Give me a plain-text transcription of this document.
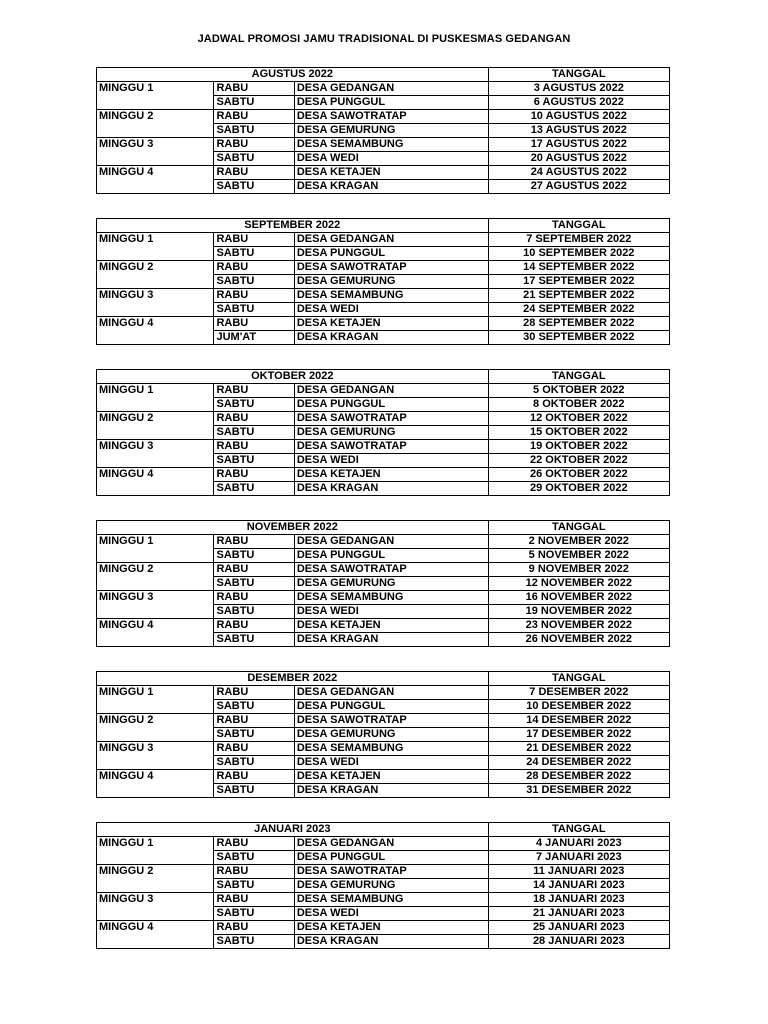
JADWAL PROMOSI JAMU TRADISIONAL DI PUSKESMAS GEDANGAN
AGUSTUS 2022			TANGGAL
MINGGU 1	RABU	DESA GEDANGAN	3 AGUSTUS 2022
	SABTU	DESA PUNGGUL	6 AGUSTUS 2022
MINGGU 2	RABU	DESA SAWOTRATAP	10 AGUSTUS 2022
	SABTU	DESA GEMURUNG	13 AGUSTUS 2022
MINGGU 3	RABU	DESA SEMAMBUNG	17 AGUSTUS 2022
	SABTU	DESA WEDI	20 AGUSTUS 2022
MINGGU 4	RABU	DESA KETAJEN	24 AGUSTUS 2022
	SABTU	DESA KRAGAN	27 AGUSTUS 2022
SEPTEMBER 2022			TANGGAL
MINGGU 1	RABU	DESA GEDANGAN	7 SEPTEMBER 2022
	SABTU	DESA PUNGGUL	10 SEPTEMBER 2022
MINGGU 2	RABU	DESA SAWOTRATAP	14 SEPTEMBER 2022
	SABTU	DESA GEMURUNG	17 SEPTEMBER 2022
MINGGU 3	RABU	DESA SEMAMBUNG	21 SEPTEMBER 2022
	SABTU	DESA WEDI	24 SEPTEMBER 2022
MINGGU 4	RABU	DESA KETAJEN	28 SEPTEMBER 2022
	JUM'AT	DESA KRAGAN	30 SEPTEMBER 2022
OKTOBER 2022			TANGGAL
MINGGU 1	RABU	DESA GEDANGAN	5 OKTOBER 2022
	SABTU	DESA PUNGGUL	8 OKTOBER 2022
MINGGU 2	RABU	DESA SAWOTRATAP	12 OKTOBER 2022
	SABTU	DESA GEMURUNG	15 OKTOBER 2022
MINGGU 3	RABU	DESA SAWOTRATAP	19 OKTOBER 2022
	SABTU	DESA WEDI	22 OKTOBER 2022
MINGGU 4	RABU	DESA KETAJEN	26 OKTOBER 2022
	SABTU	DESA KRAGAN	29 OKTOBER 2022
NOVEMBER 2022			TANGGAL
MINGGU 1	RABU	DESA GEDANGAN	2 NOVEMBER 2022
	SABTU	DESA PUNGGUL	5 NOVEMBER 2022
MINGGU 2	RABU	DESA SAWOTRATAP	9 NOVEMBER 2022
	SABTU	DESA GEMURUNG	12 NOVEMBER 2022
MINGGU 3	RABU	DESA SEMAMBUNG	16 NOVEMBER 2022
	SABTU	DESA WEDI	19 NOVEMBER 2022
MINGGU 4	RABU	DESA KETAJEN	23 NOVEMBER 2022
	SABTU	DESA KRAGAN	26 NOVEMBER 2022
DESEMBER 2022			TANGGAL
MINGGU 1	RABU	DESA GEDANGAN	7 DESEMBER 2022
	SABTU	DESA PUNGGUL	10 DESEMBER 2022
MINGGU 2	RABU	DESA SAWOTRATAP	14 DESEMBER 2022
	SABTU	DESA GEMURUNG	17 DESEMBER 2022
MINGGU 3	RABU	DESA SEMAMBUNG	21 DESEMBER 2022
	SABTU	DESA WEDI	24 DESEMBER 2022
MINGGU 4	RABU	DESA KETAJEN	28 DESEMBER 2022
	SABTU	DESA KRAGAN	31 DESEMBER 2022
JANUARI 2023			TANGGAL
MINGGU 1	RABU	DESA GEDANGAN	4 JANUARI 2023
	SABTU	DESA PUNGGUL	7 JANUARI 2023
MINGGU 2	RABU	DESA SAWOTRATAP	11 JANUARI 2023
	SABTU	DESA GEMURUNG	14 JANUARI 2023
MINGGU 3	RABU	DESA SEMAMBUNG	18 JANUARI 2023
	SABTU	DESA WEDI	21 JANUARI 2023
MINGGU 4	RABU	DESA KETAJEN	25 JANUARI 2023
	SABTU	DESA KRAGAN	28 JANUARI 2023
